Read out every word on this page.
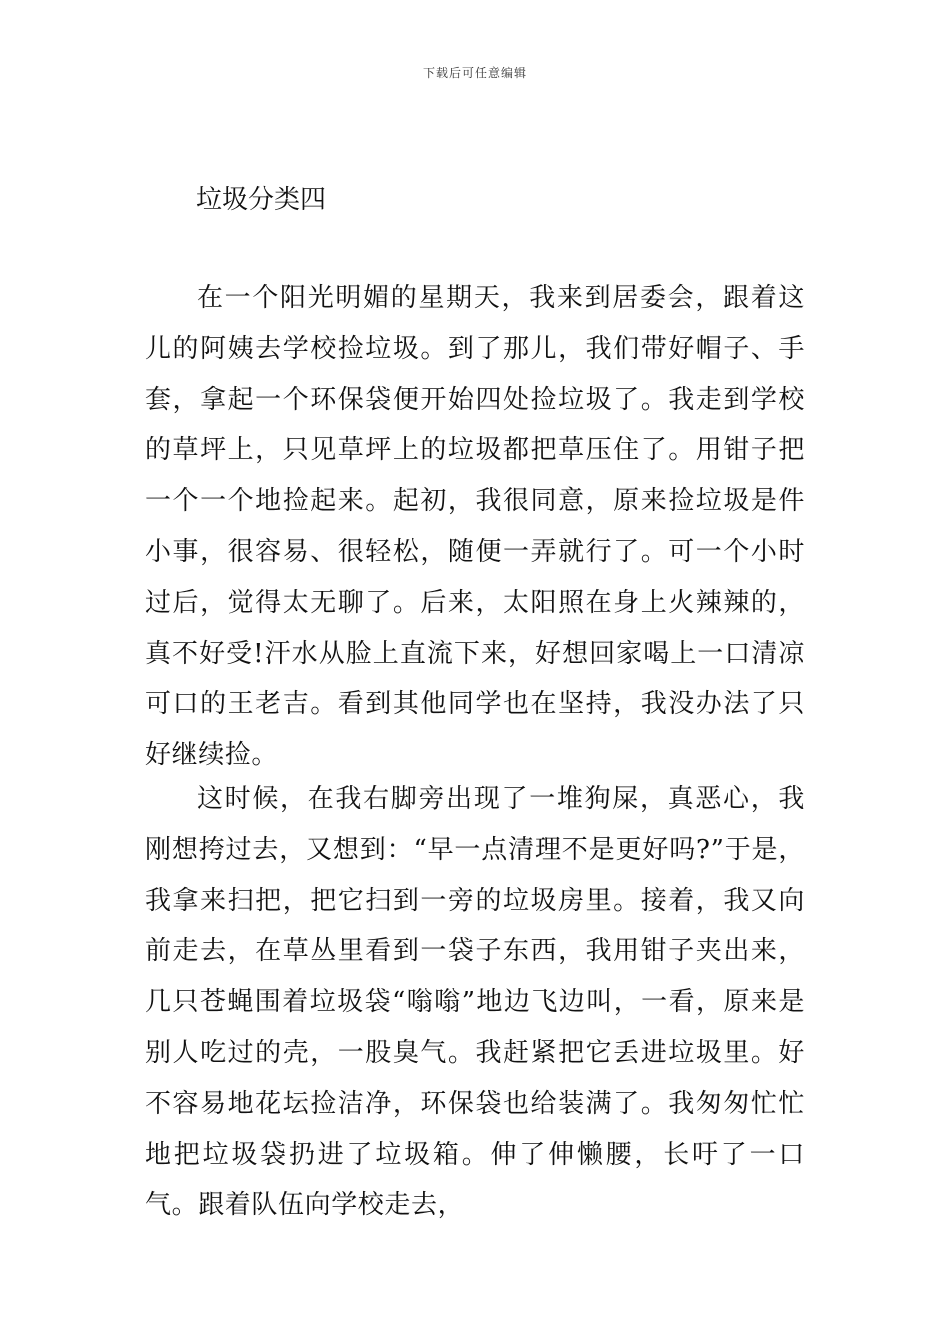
下载后可任意编辑
垃圾分类四

在一个阳光明媚的星期天，我来到居委会，跟着这儿的阿姨去学校捡垃圾。到了那儿，我们带好帽子、手套，拿起一个环保袋便开始四处捡垃圾了。我走到学校的草坪上，只见草坪上的垃圾都把草压住了。用钳子把一个一个地捡起来。起初，我很同意，原来捡垃圾是件小事，很容易、很轻松，随便一弄就行了。可一个小时过后，觉得太无聊了。后来，太阳照在身上火辣辣的，真不好受!汗水从脸上直流下来，好想回家喝上一口清凉可口的王老吉。看到其他同学也在坚持，我没办法了只好继续捡。

这时候，在我右脚旁出现了一堆狗屎，真恶心，我刚想挎过去，又想到：“早一点清理不是更好吗?”于是，我拿来扫把，把它扫到一旁的垃圾房里。接着，我又向前走去，在草丛里看到一袋子东西，我用钳子夹出来，几只苍蝇围着垃圾袋“嗡嗡”地边飞边叫，一看，原来是别人吃过的壳，一股臭气。我赶紧把它丢进垃圾里。好不容易地花坛捡洁净，环保袋也给装满了。我匆匆忙忙地把垃圾袋扔进了垃圾箱。伸了伸懒腰，长吁了一口气。跟着队伍向学校走去，
